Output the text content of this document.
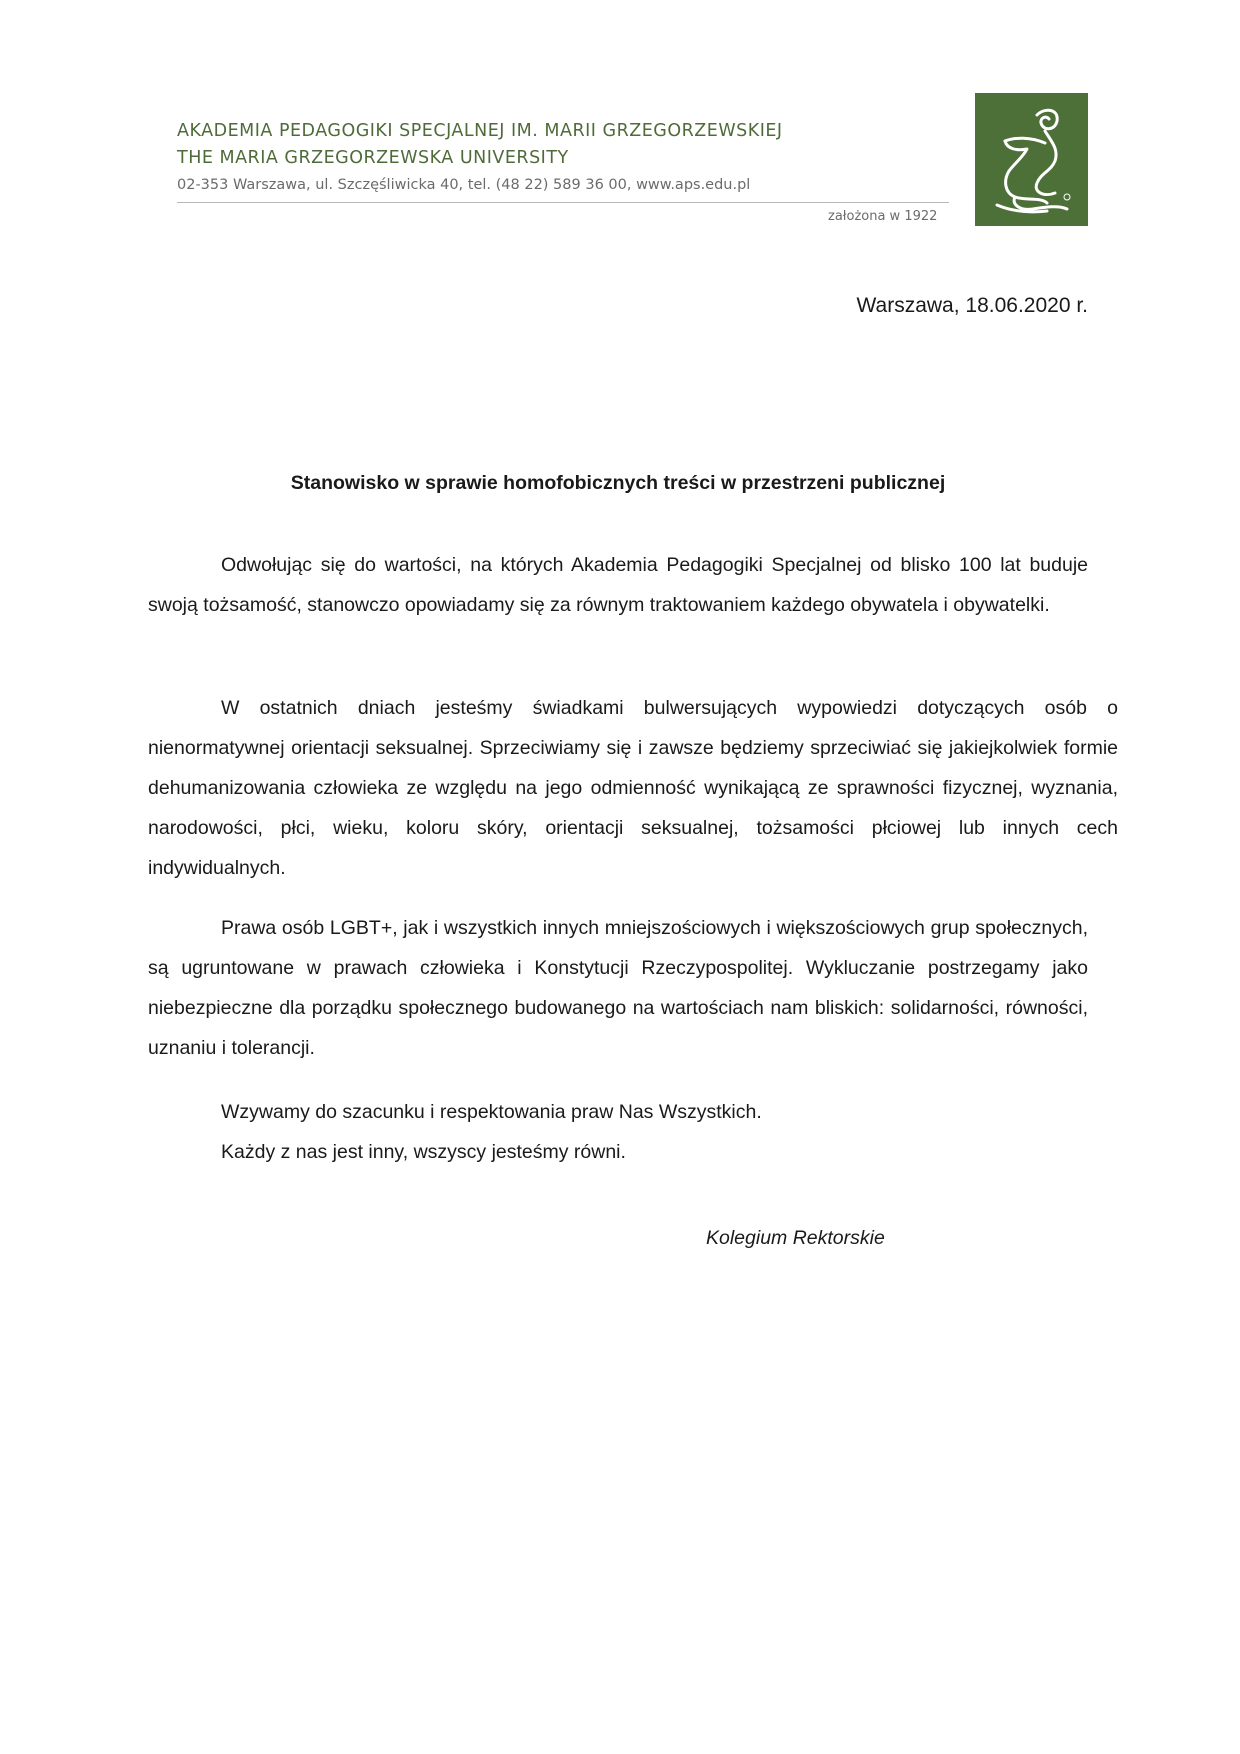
AKADEMIA PEDAGOGIKI SPECJALNEJ IM. MARII GRZEGORZEWSKIEJ
THE MARIA GRZEGORZEWSKA UNIVERSITY
02-353 Warszawa, ul. Szczęśliwicka 40, tel. (48 22) 589 36 00, www.aps.edu.pl
założona w 1922
Warszawa, 18.06.2020 r.
Stanowisko w sprawie homofobicznych treści w przestrzeni publicznej
Odwołując się do wartości, na których Akademia Pedagogiki Specjalnej od blisko 100 lat buduje swoją tożsamość, stanowczo opowiadamy się za równym traktowaniem każdego obywatela i obywatelki.
W ostatnich dniach jesteśmy świadkami bulwersujących wypowiedzi dotyczących osób o nienormatywnej orientacji seksualnej. Sprzeciwiamy się i zawsze będziemy sprzeciwiać się jakiejkolwiek formie dehumanizowania człowieka ze względu na jego odmienność wynikającą ze sprawności fizycznej, wyznania, narodowości, płci, wieku, koloru skóry, orientacji seksualnej, tożsamości płciowej lub innych cech indywidualnych.
Prawa osób LGBT+, jak i wszystkich innych mniejszościowych i większościowych grup społecznych, są ugruntowane w prawach człowieka i Konstytucji Rzeczypospolitej. Wykluczanie postrzegamy jako niebezpieczne dla porządku społecznego budowanego na wartościach nam bliskich: solidarności, równości, uznaniu i tolerancji.
Wzywamy do szacunku i respektowania praw Nas Wszystkich.
Każdy z nas jest inny, wszyscy jesteśmy równi.
Kolegium Rektorskie
